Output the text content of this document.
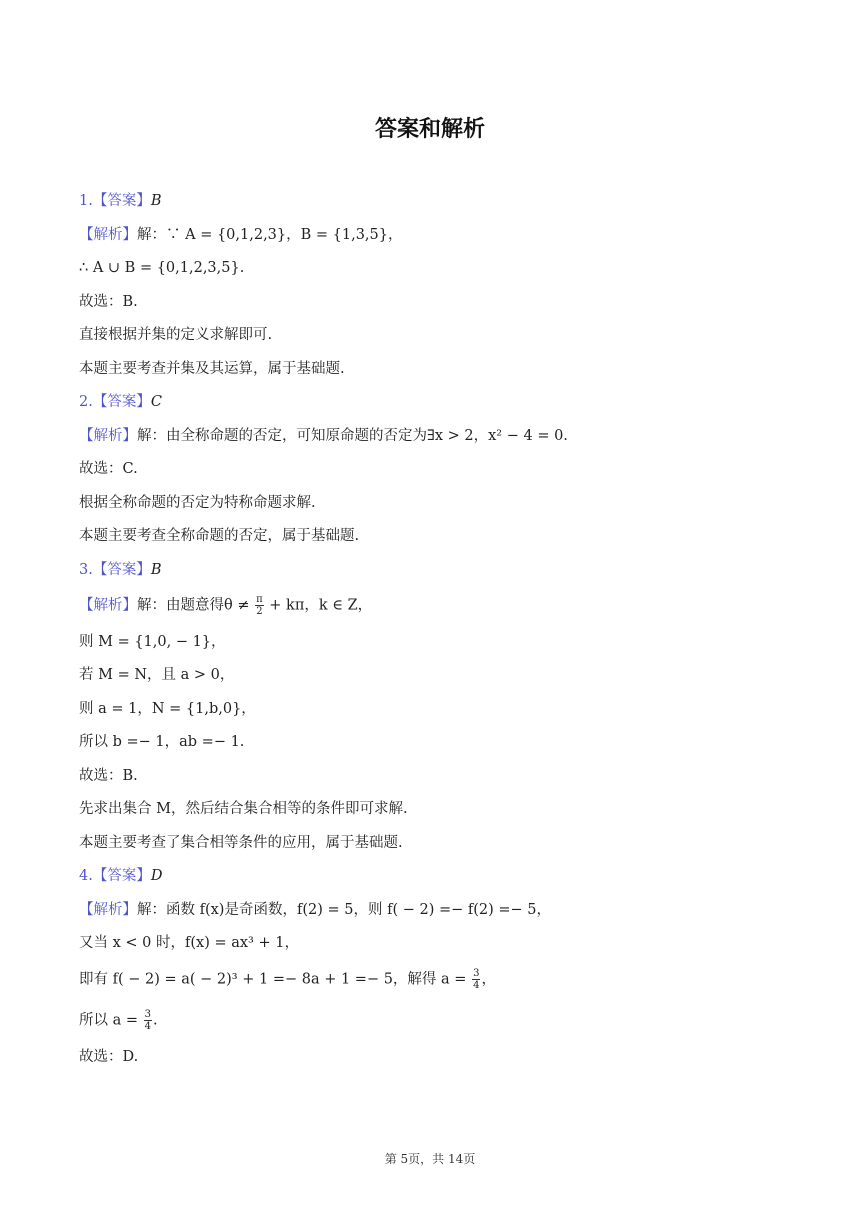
答案和解析

1.【答案】B

【解析】解：∵ A = {0,1,2,3}，B = {1,3,5}，

∴ A ∪ B = {0,1,2,3,5}.

故选：B.

直接根据并集的定义求解即可.

本题主要考查并集及其运算，属于基础题.

2.【答案】C

【解析】解：由全称命题的否定，可知原命题的否定为∃x > 2，x² − 4 = 0.

故选：C.

根据全称命题的否定为特称命题求解.

本题主要考查全称命题的否定，属于基础题.

3.【答案】B

【解析】解：由题意得$\theta \ne \frac{\pi}{2} + k\pi$，k ∈ Z，

则 M = {1,0, − 1}，

若 M = N，且 a > 0，

则 a = 1，N = {1,b,0}，

所以 b =− 1，ab =− 1.

故选：B.

先求出集合 M，然后结合集合相等的条件即可求解.

本题主要考查了集合相等条件的应用，属于基础题.

4.【答案】D

【解析】解：函数 f(x)是奇函数，f(2) = 5，则 f( − 2) =− f(2) =− 5，

又当 x < 0 时，f(x) = ax³ + 1，

即有 f( − 2) = a( − 2)³ + 1 =− 8a + 1 =− 5，解得 $a = \frac{3}{4}$ ，

所以 $a = \frac{3}{4}$ .

故选：D.

第 5页，共 14页
